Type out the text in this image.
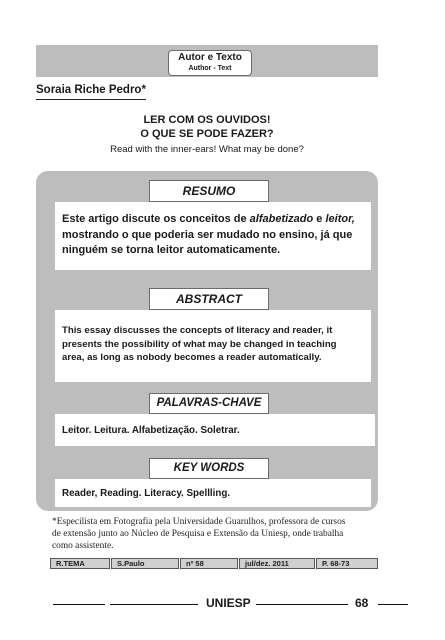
Autor e Texto
Author - Text
Soraia Riche Pedro*
LER COM OS OUVIDOS!
O QUE SE PODE FAZER?
Read with the inner-ears! What may be done?
RESUMO
Este artigo discute os conceitos de alfabetizado e leitor,
mostrando o que poderia ser mudado no ensino, já que
ninguém se torna leitor automaticamente.
ABSTRACT
This essay discusses the concepts of literacy and reader, it
presents the possibility of what may be changed in teaching
area, as long as nobody becomes a reader automatically.
PALAVRAS-CHAVE
Leitor. Leitura. Alfabetização. Soletrar.
KEY WORDS
Reader, Reading. Literacy. Spellling.
*Especilista em Fotografia pela Universidade Guarulhos, professora de cursos
de extensão junto ao Núcleo de Pesquisa e Extensão da Uniesp, onde trabalha
como assistente.
R.TEMA	S.Paulo	nº 58	jul/dez. 2011	P. 68-73
UNIESP	68
